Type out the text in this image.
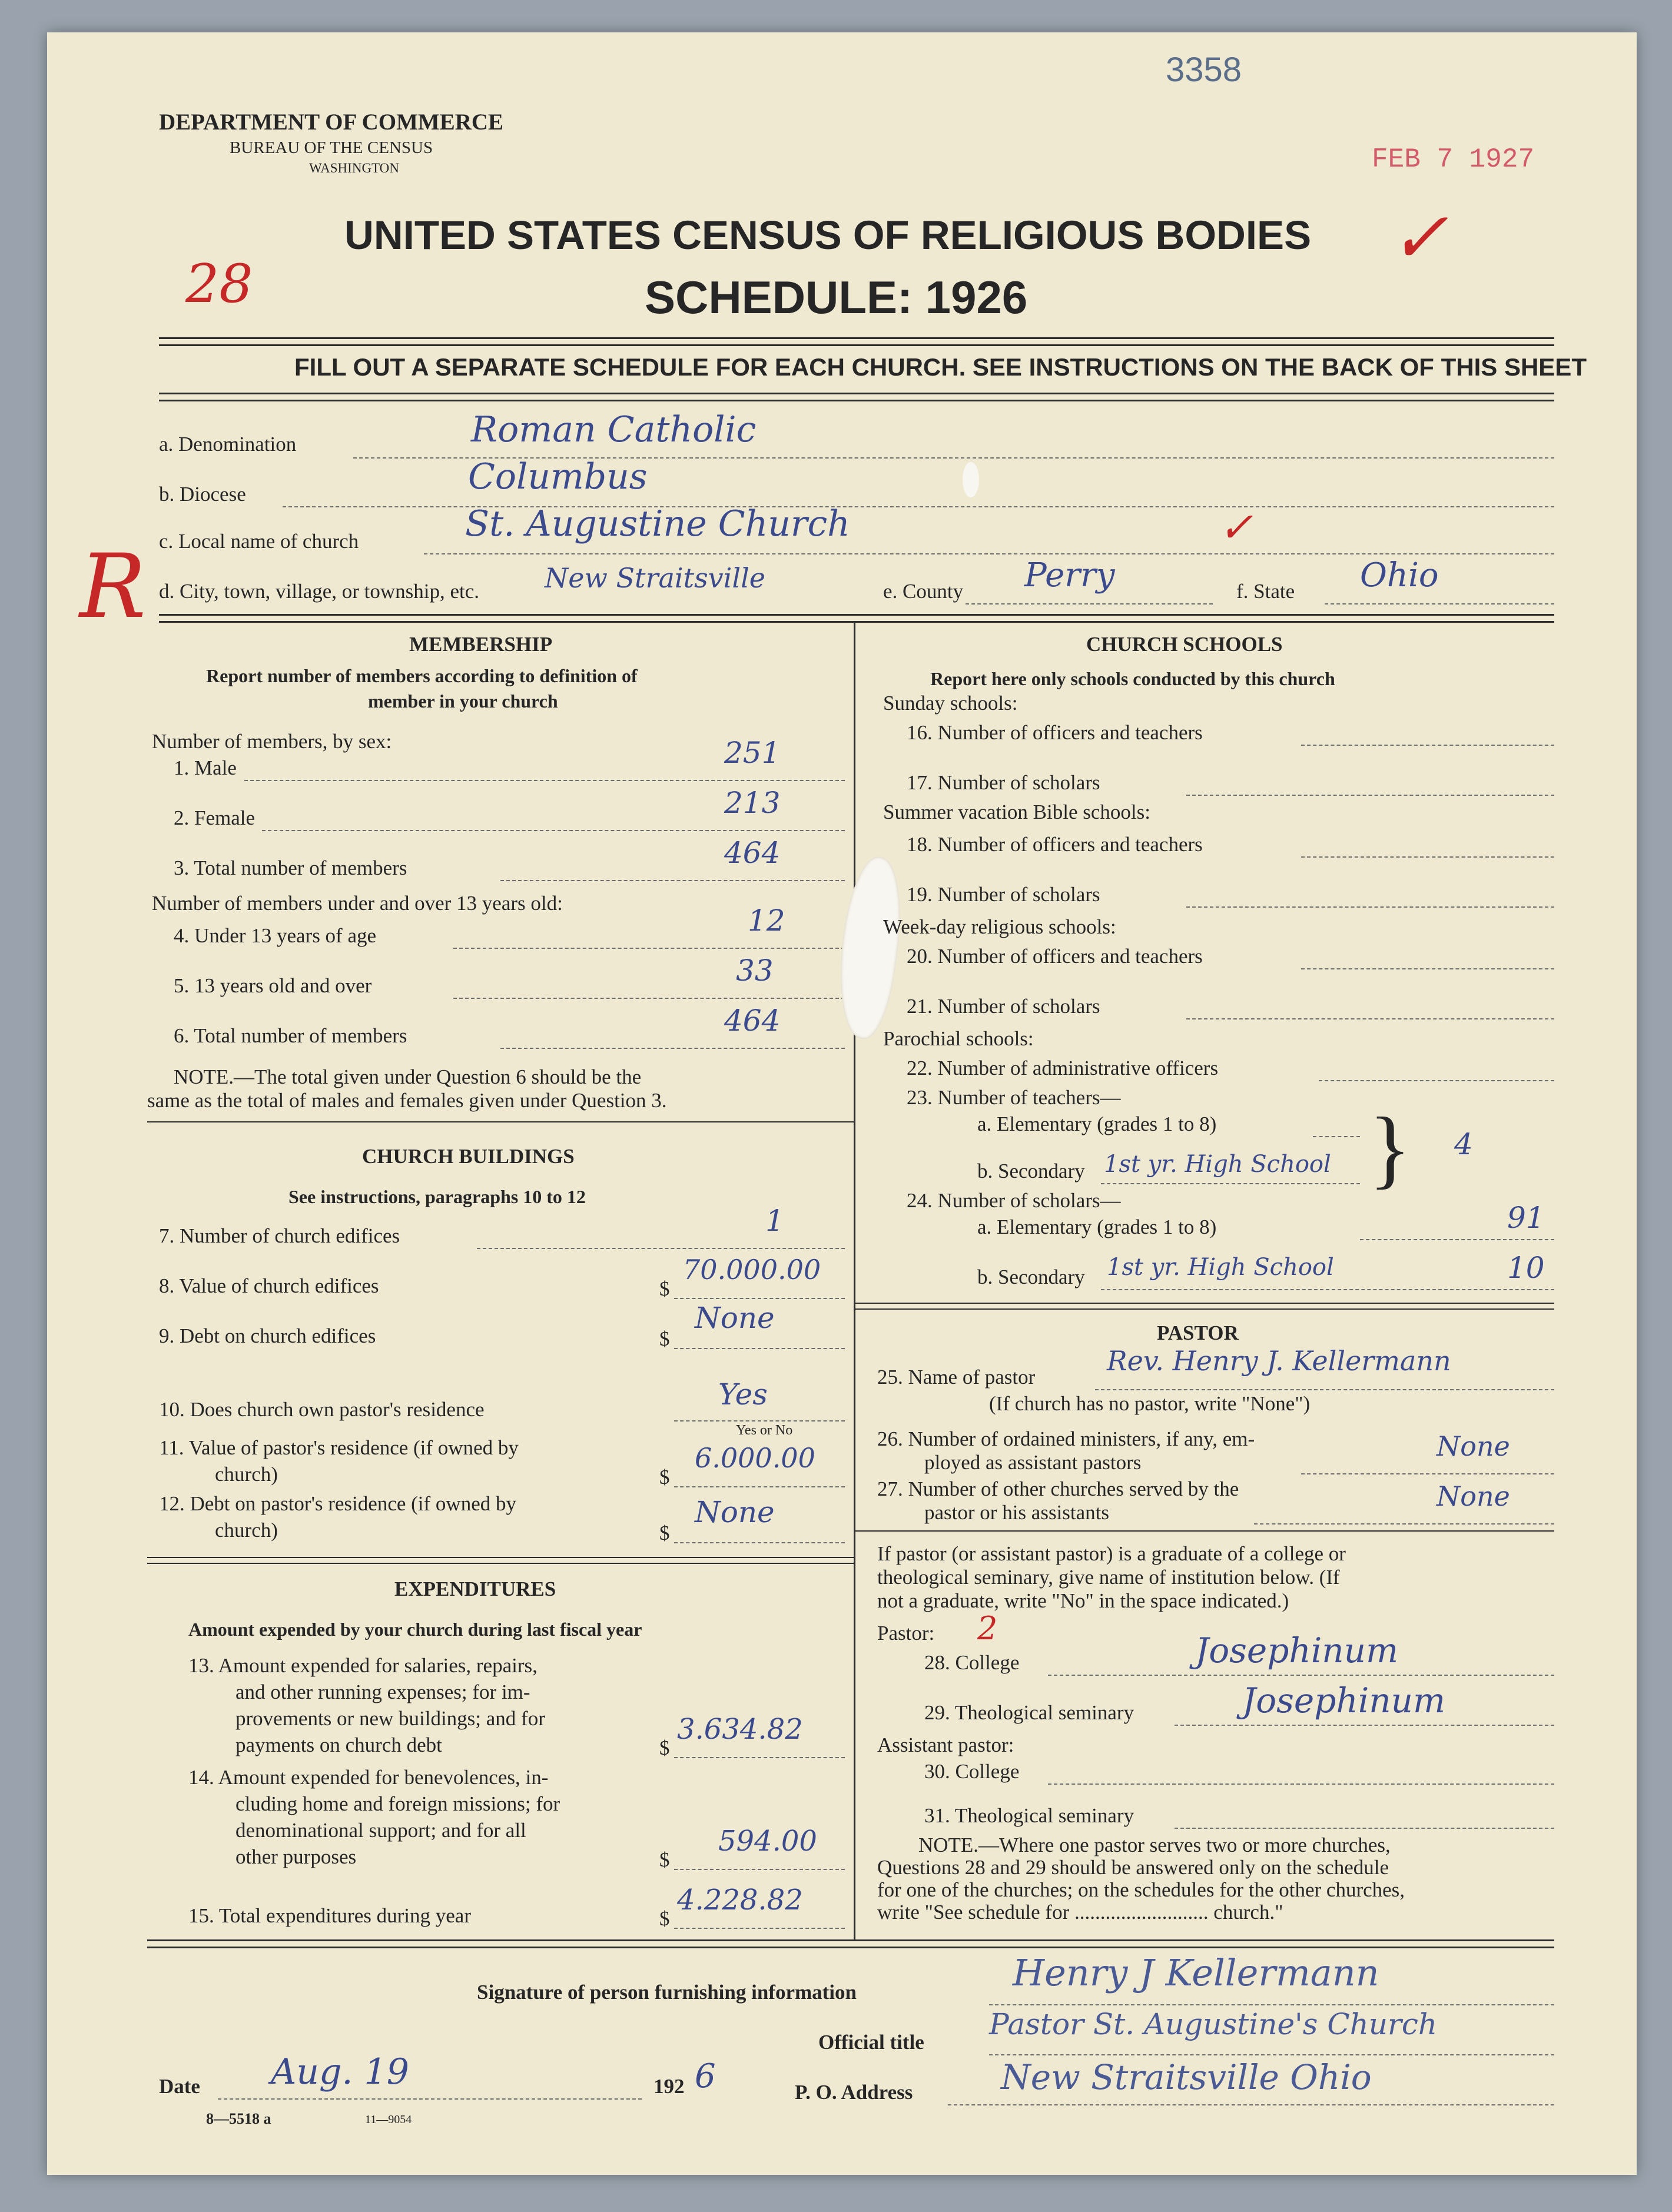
3358
FEB 7 1927
✓
28
R
DEPARTMENT OF COMMERCE
BUREAU OF THE CENSUS
WASHINGTON
UNITED STATES CENSUS OF RELIGIOUS BODIES
SCHEDULE: 1926
FILL OUT A SEPARATE SCHEDULE FOR EACH CHURCH. SEE INSTRUCTIONS ON THE BACK OF THIS SHEET
a. Denomination	Roman Catholic
b. Diocese	Columbus
c. Local name of church	St. Augustine Church	✓
d. City, town, village, or township, etc. New Straitsville	e. County Perry	f. State Ohio
MEMBERSHIP
Report number of members according to definition of
member in your church
Number of members, by sex:
1. Male	251
2. Female	213
3. Total number of members	464
Number of members under and over 13 years old:
4. Under 13 years of age	12
5. 13 years old and over	33
6. Total number of members	464
NOTE.—The total given under Question 6 should be the
same as the total of males and females given under Question 3.
CHURCH BUILDINGS
See instructions, paragraphs 10 to 12
7. Number of church edifices	1
8. Value of church edifices	$
70.000.00
9. Debt on church edifices	$
None
10. Does church own pastor's residence	Yes
Yes or No
11. Value of pastor's residence (if owned by
church)	$
6.000.00
12. Debt on pastor's residence (if owned by
church)	$
None
EXPENDITURES
Amount expended by your church during last fiscal year
13. Amount expended for salaries, repairs,
and other running expenses; for im-
provements or new buildings; and for
payments on church debt	$
3.634.82
14. Amount expended for benevolences, in-
cluding home and foreign missions; for
denominational support; and for all
other purposes	$
594.00
15. Total expenditures during year	$
4.228.82
CHURCH SCHOOLS
Report here only schools conducted by this church
Sunday schools:
16. Number of officers and teachers
17. Number of scholars
Summer vacation Bible schools:
18. Number of officers and teachers
19. Number of scholars
Week-day religious schools:
20. Number of officers and teachers
21. Number of scholars
Parochial schools:
22. Number of administrative officers
23. Number of teachers—
a. Elementary (grades 1 to 8)
b. Secondary 1st yr. High School } 4
24. Number of scholars—
a. Elementary (grades 1 to 8)	91
b. Secondary 1st yr. High School	10
PASTOR
25. Name of pastor
Rev. Henry J. Kellermann
(If church has no pastor, write "None")
26. Number of ordained ministers, if any, em-
ployed as assistant pastors
None
27. Number of other churches served by the
pastor or his assistants
None
If pastor (or assistant pastor) is a graduate of a college or
theological seminary, give name of institution below. (If
not a graduate, write "No" in the space indicated.)
Pastor: 2
28. College	Josephinum
29. Theological seminary	Josephinum
Assistant pastor:
30. College
31. Theological seminary
NOTE.—Where one pastor serves two or more churches,
Questions 28 and 29 should be answered only on the schedule
for one of the churches; on the schedules for the other churches,
write "See schedule for .......................... church."
Signature of person furnishing information	Henry J Kellermann
Official title
Pastor St. Augustine's Church
Date Aug. 19	192 6	P. O. Address	New Straitsville Ohio
8—5518 a	11—9054
